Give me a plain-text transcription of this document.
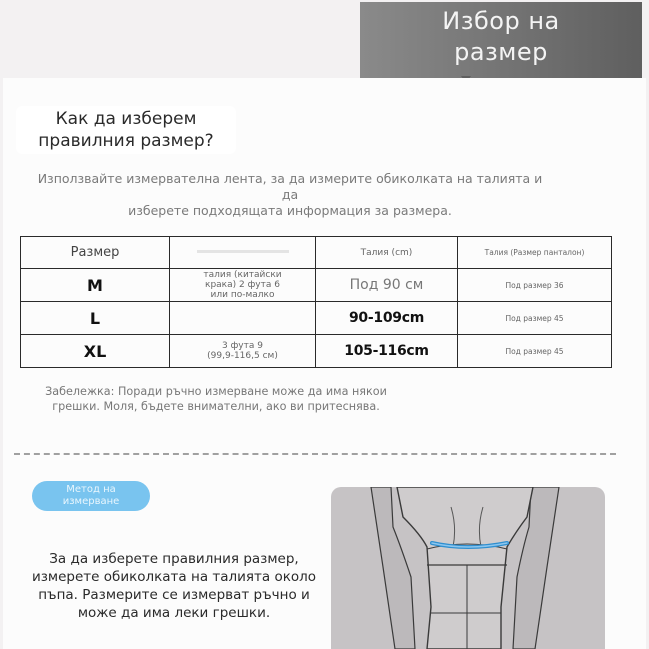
Избор на
размер
Как да изберем
правилния размер?
Използвайте измервателна лента, за да измерите обиколката на талията и да
изберете подходящата информация за размера.
Размер		Талия (cm)	Талия (Размер панталон)
M	талия (китайски
крака) 2 фута 6
или по-малко	Под 90 см	Под размер 36
L		90-109cm	Под размер 45
XL	3 фута 9
(99,9-116,5 см)	105-116cm	Под размер 45
Забележка: Поради ръчно измерване може да има някои
грешки. Моля, бъдете внимателни, ако ви притеснява.
Метод на
измерване
За да изберете правилния размер,
измерете обиколката на талията около
пъпа. Размерите се измерват ръчно и
може да има леки грешки.
